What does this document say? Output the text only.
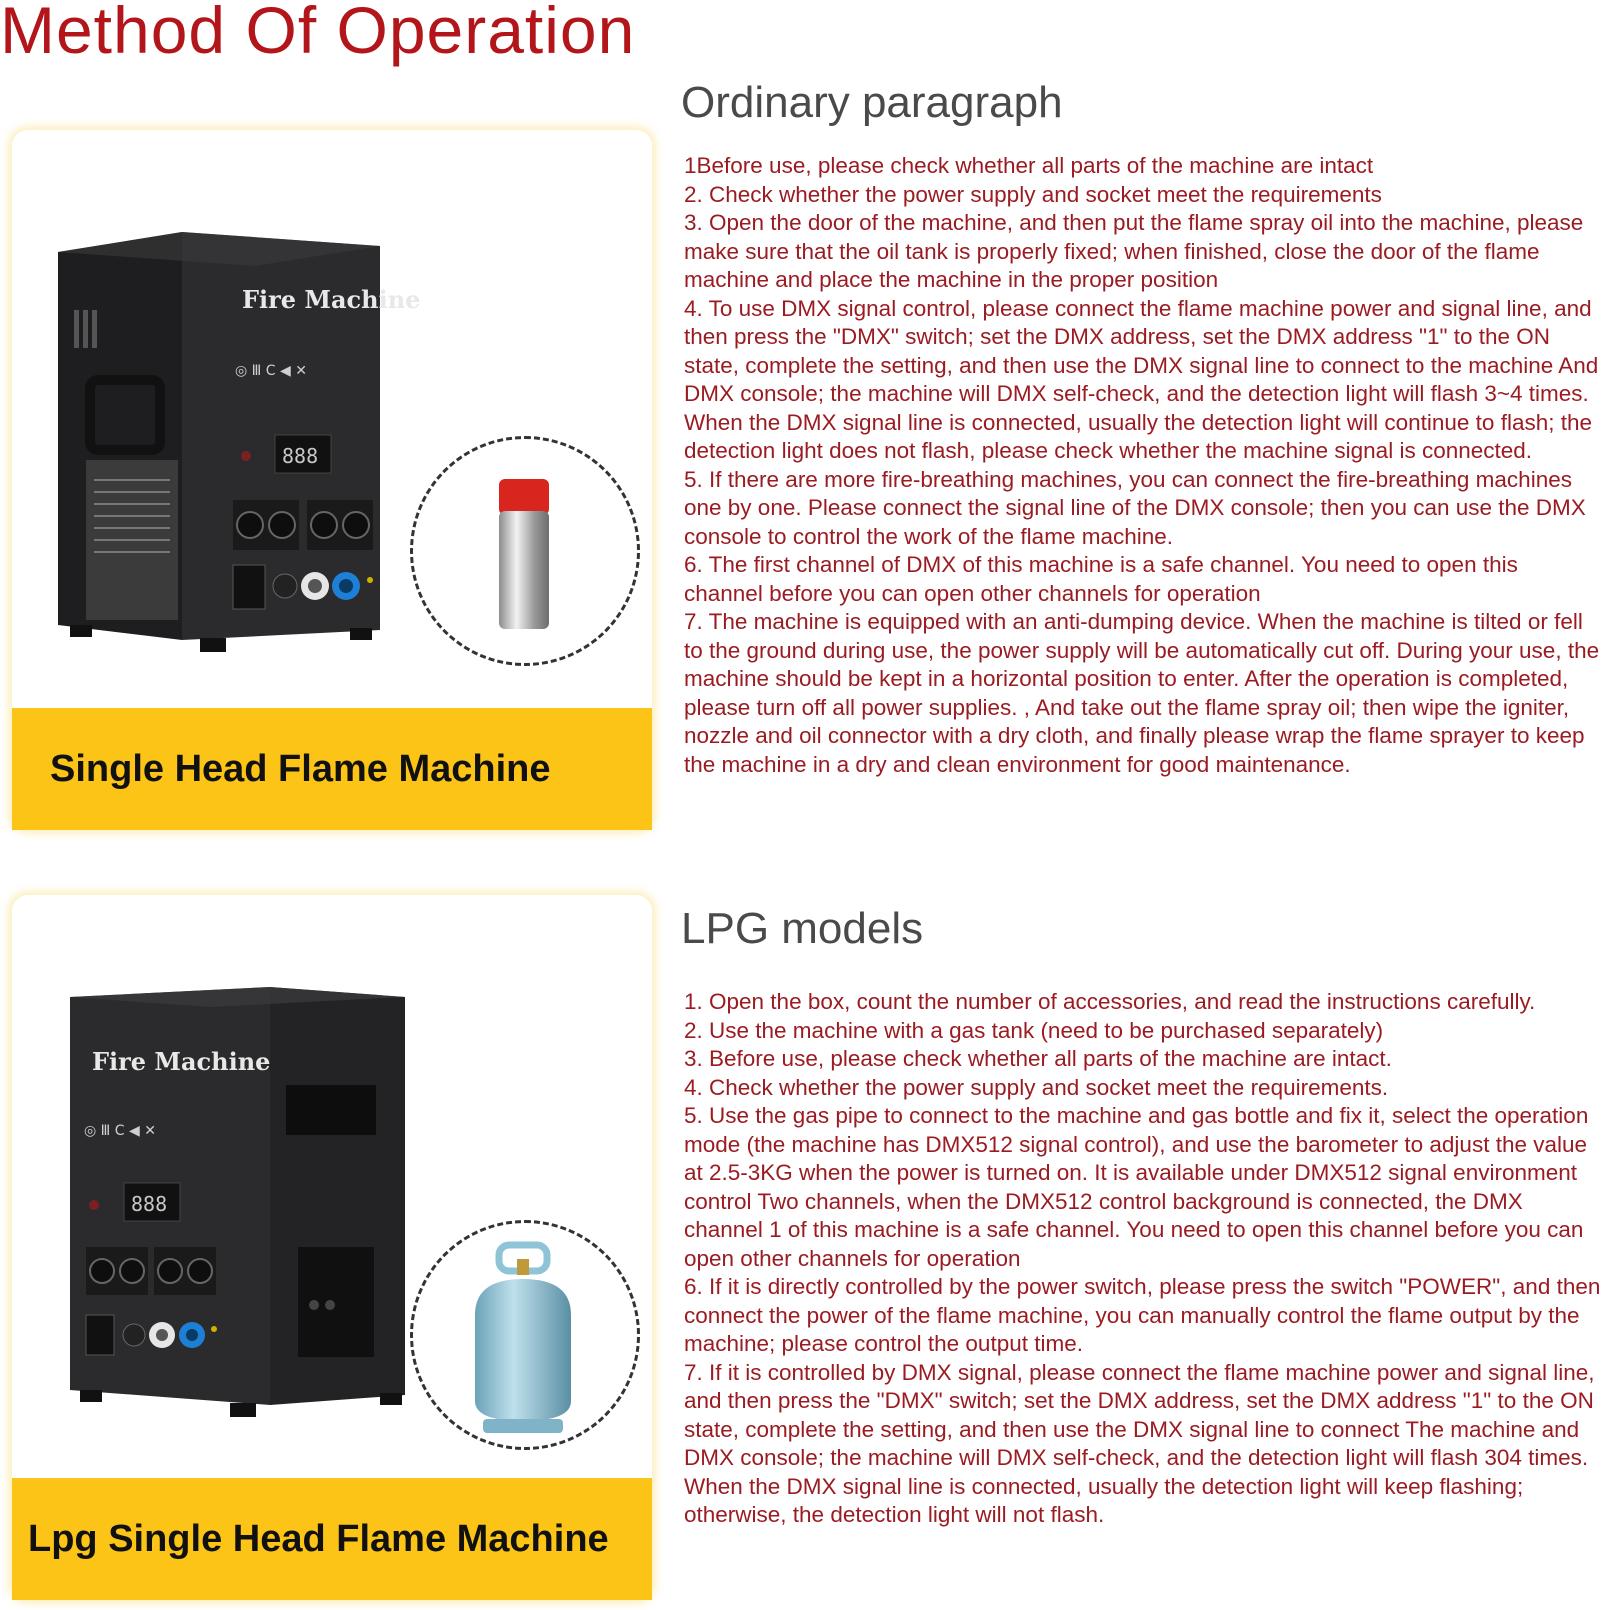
Method Of Operation
Fire Machine
◎ Ⅲ C ◀ ✕
888
Single Head Flame Machine
Fire Machine
◎ Ⅲ C ◀ ✕
888
Lpg Single Head Flame Machine
Ordinary paragraph
1Before use, please check whether all parts of the machine are intact
2. Check whether the power supply and socket meet the requirements
3. Open the door of the machine, and then put the flame spray oil into the machine, please make sure that the oil tank is properly fixed; when finished, close the door of the flame machine and place the machine in the proper position
4. To use DMX signal control, please connect the flame machine power and signal line, and then press the "DMX" switch; set the DMX address, set the DMX address "1" to the ON state, complete the setting, and then use the DMX signal line to connect to the machine And DMX console; the machine will DMX self-check, and the detection light will flash 3~4 times. When the DMX signal line is connected, usually the detection light will continue to flash; the detection light does not flash, please check whether the machine signal is connected.
5. If there are more fire-breathing machines, you can connect the fire-breathing machines one by one. Please connect the signal line of the DMX console; then you can use the DMX console to control the work of the flame machine.
6. The first channel of DMX of this machine is a safe channel. You need to open this channel before you can open other channels for operation
7. The machine is equipped with an anti-dumping device. When the machine is tilted or fell to the ground during use, the power supply will be automatically cut off. During your use, the machine should be kept in a horizontal position to enter. After the operation is completed, please turn off all power supplies. , And take out the flame spray oil; then wipe the igniter, nozzle and oil connector with a dry cloth, and finally please wrap the flame sprayer to keep the machine in a dry and clean environment for good maintenance.
LPG models
1. Open the box, count the number of accessories, and read the instructions carefully.
2. Use the machine with a gas tank (need to be purchased separately)
3. Before use, please check whether all parts of the machine are intact.
4. Check whether the power supply and socket meet the requirements.
5. Use the gas pipe to connect to the machine and gas bottle and fix it, select the operation mode (the machine has DMX512 signal control), and use the barometer to adjust the value at 2.5-3KG when the power is turned on. It is available under DMX512 signal environment control Two channels, when the DMX512 control background is connected, the DMX channel 1 of this machine is a safe channel. You need to open this channel before you can open other channels for operation
6. If it is directly controlled by the power switch, please press the switch "POWER", and then connect the power of the flame machine, you can manually control the flame output by the machine; please control the output time.
7. If it is controlled by DMX signal, please connect the flame machine power and signal line, and then press the "DMX" switch; set the DMX address, set the DMX address "1" to the ON state, complete the setting, and then use the DMX signal line to connect The machine and DMX console; the machine will DMX self-check, and the detection light will flash 304 times. When the DMX signal line is connected, usually the detection light will keep flashing; otherwise, the detection light will not flash.
